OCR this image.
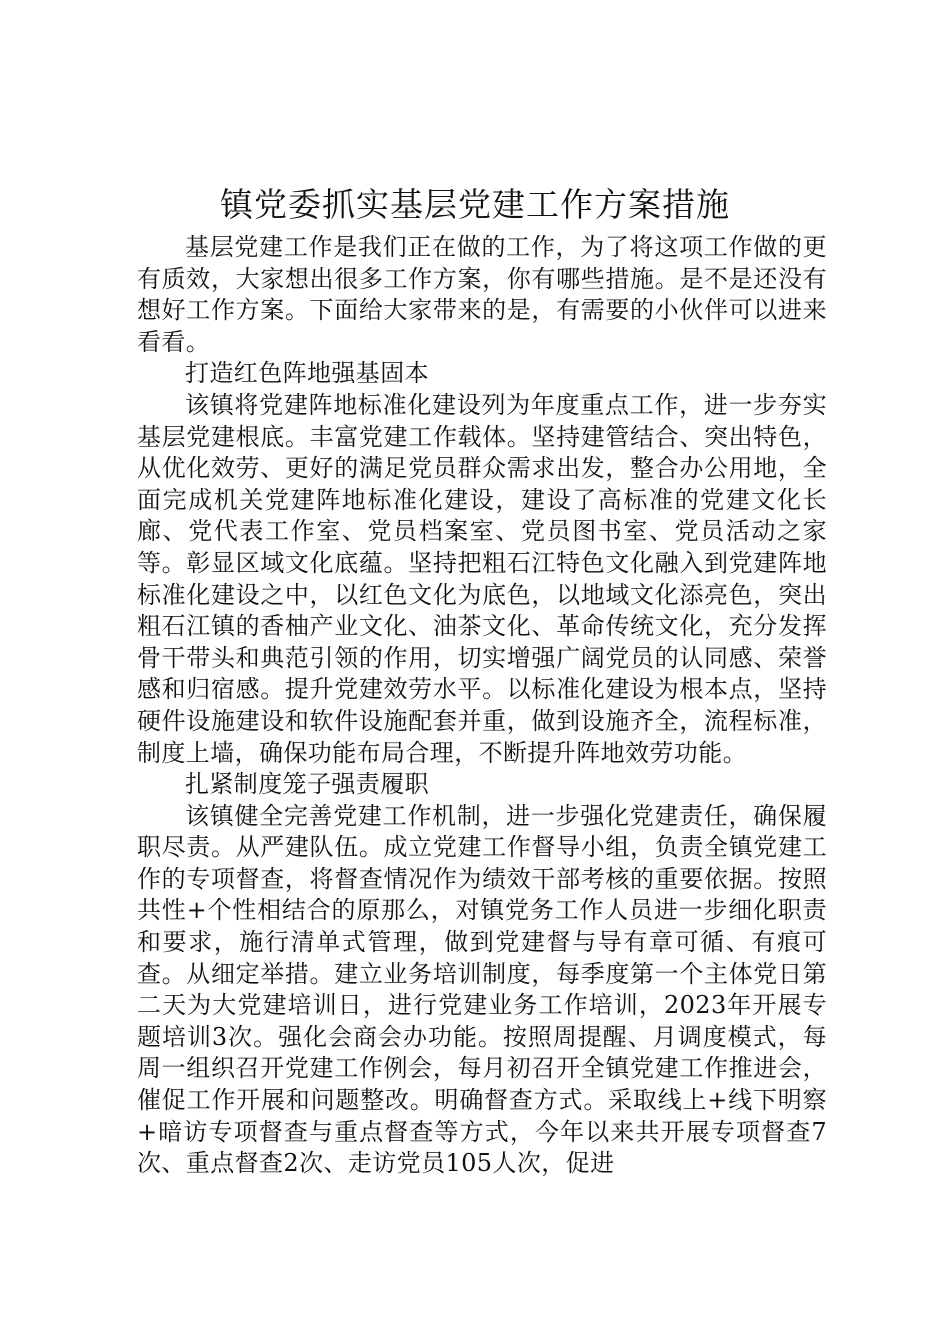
镇党委抓实基层党建工作方案措施

基层党建工作是我们正在做的工作，为了将这项工作做的更有质效，大家想出很多工作方案，你有哪些措施。是不是还没有想好工作方案。下面给大家带来的是，有需要的小伙伴可以进来看看。

打造红色阵地强基固本

该镇将党建阵地标准化建设列为年度重点工作，进一步夯实基层党建根底。丰富党建工作载体。坚持建管结合、突出特色，从优化效劳、更好的满足党员群众需求出发，整合办公用地，全面完成机关党建阵地标准化建设，建设了高标准的党建文化长廊、党代表工作室、党员档案室、党员图书室、党员活动之家等。彰显区域文化底蕴。坚持把粗石江特色文化融入到党建阵地标准化建设之中，以红色文化为底色，以地域文化添亮色，突出粗石江镇的香柚产业文化、油茶文化、革命传统文化，充分发挥骨干带头和典范引领的作用，切实增强广阔党员的认同感、荣誉感和归宿感。提升党建效劳水平。以标准化建设为根本点，坚持硬件设施建设和软件设施配套并重，做到设施齐全，流程标准，制度上墙，确保功能布局合理，不断提升阵地效劳功能。

扎紧制度笼子强责履职

该镇健全完善党建工作机制，进一步强化党建责任，确保履职尽责。从严建队伍。成立党建工作督导小组，负责全镇党建工作的专项督查，将督查情况作为绩效干部考核的重要依据。按照共性+个性相结合的原那么，对镇党务工作人员进一步细化职责和要求，施行清单式管理，做到党建督与导有章可循、有痕可查。从细定举措。建立业务培训制度，每季度第一个主体党日第二天为大党建培训日，进行党建业务工作培训，2023年开展专题培训3次。强化会商会办功能。按照周提醒、月调度模式，每周一组织召开党建工作例会，每月初召开全镇党建工作推进会，催促工作开展和问题整改。明确督查方式。采取线上+线下明察+暗访专项督查与重点督查等方式，今年以来共开展专项督查7次、重点督查2次、走访党员105人次，促进
